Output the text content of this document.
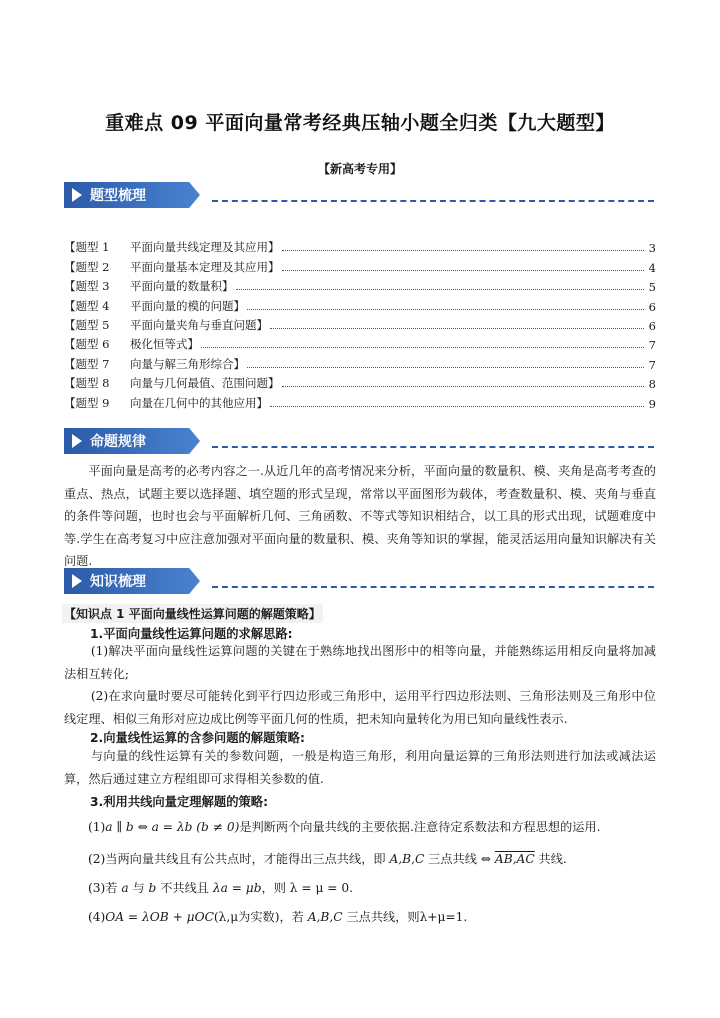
重难点 09 平面向量常考经典压轴小题全归类【九大题型】
【新高考专用】
题型梳理
【题型 1	平面向量共线定理及其应用】	3
【题型 2	平面向量基本定理及其应用】	4
【题型 3	平面向量的数量积】	5
【题型 4	平面向量的模的问题】	6
【题型 5	平面向量夹角与垂直问题】	6
【题型 6	极化恒等式】	7
【题型 7	向量与解三角形综合】	7
【题型 8	向量与几何最值、范围问题】	8
【题型 9	向量在几何中的其他应用】	9
命题规律
平面向量是高考的必考内容之一.从近几年的高考情况来分析，平面向量的数量积、模、夹角是高考考查的重点、热点，试题主要以选择题、填空题的形式呈现，常常以平面图形为载体，考查数量积、模、夹角与垂直的条件等问题，也时也会与平面解析几何、三角函数、不等式等知识相结合，以工具的形式出现，试题难度中等.学生在高考复习中应注意加强对平面向量的数量积、模、夹角等知识的掌握，能灵活运用向量知识解决有关问题.
知识梳理
【知识点 1 平面向量线性运算问题的解题策略】
1.平面向量线性运算问题的求解思路:
(1)解决平面向量线性运算问题的关键在于熟练地找出图形中的相等向量，并能熟练运用相反向量将加减法相互转化;
(2)在求向量时要尽可能转化到平行四边形或三角形中，运用平行四边形法则、三角形法则及三角形中位线定理、相似三角形对应边成比例等平面几何的性质，把未知向量转化为用已知向量线性表示.
2.向量线性运算的含参问题的解题策略:
与向量的线性运算有关的参数问题，一般是构造三角形，利用向量运算的三角形法则进行加法或减法运算，然后通过建立方程组即可求得相关参数的值.
3.利用共线向量定理解题的策略:
(1)a ∥ b ⇔ a = λb (b ≠ 0)是判断两个向量共线的主要依据.注意待定系数法和方程思想的运用.
(2)当两向量共线且有公共点时，才能得出三点共线，即 A,B,C 三点共线 ⇔ AB,AC 共线.
(3)若 a 与 b 不共线且 λa = μb，则 λ = μ = 0.
(4)OA = λOB + μOC(λ,μ为实数)，若 A,B,C 三点共线，则λ+μ=1.
